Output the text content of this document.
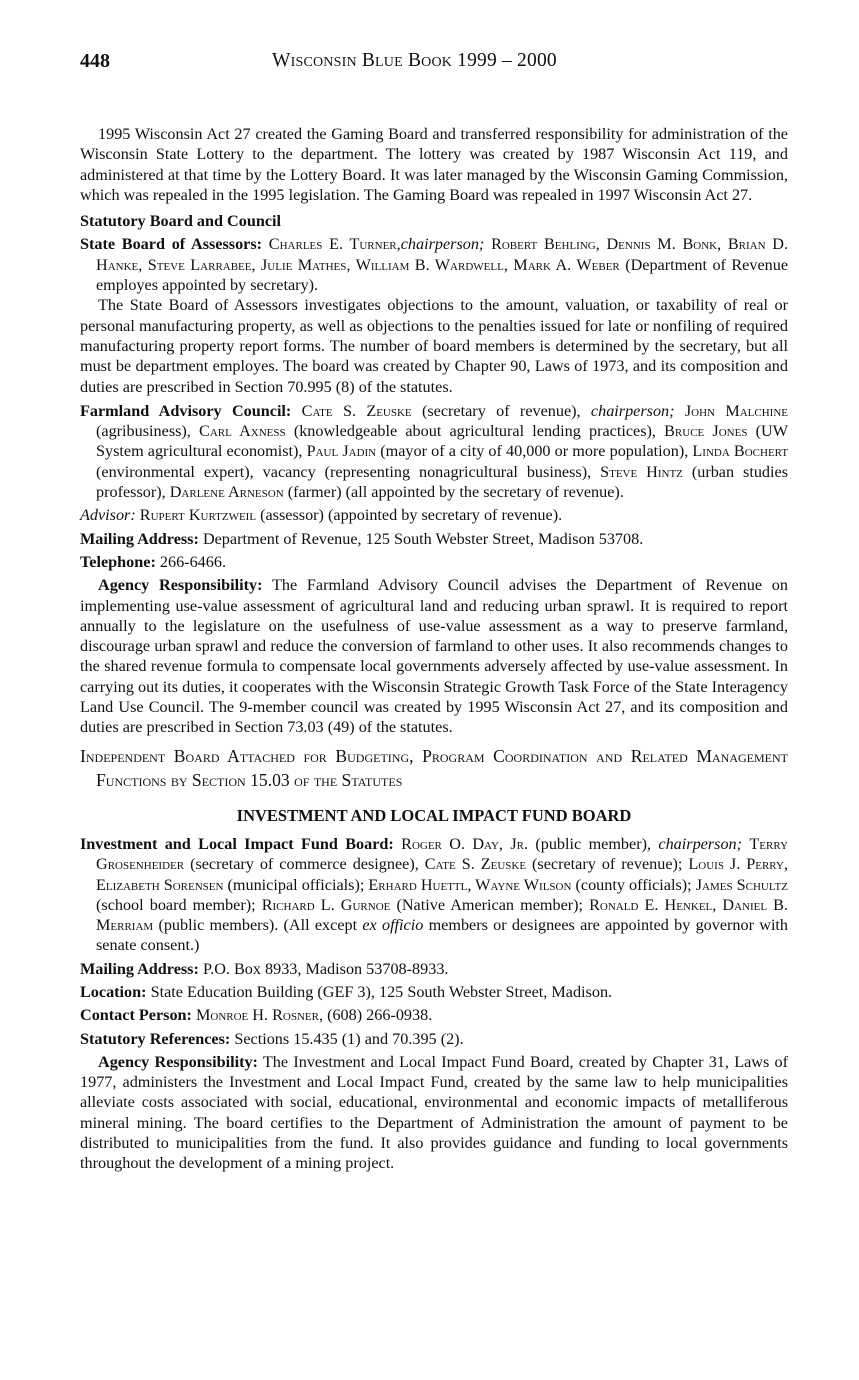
448	Wisconsin Blue Book 1999 – 2000

1995 Wisconsin Act 27 created the Gaming Board and transferred responsibility for administration of the Wisconsin State Lottery to the department. The lottery was created by 1987 Wisconsin Act 119, and administered at that time by the Lottery Board. It was later managed by the Wisconsin Gaming Commission, which was repealed in the 1995 legislation. The Gaming Board was repealed in 1997 Wisconsin Act 27.

Statutory Board and Council

State Board of Assessors: Charles E. Turner,chairperson; Robert Behling, Dennis M. Bonk, Brian D. Hanke, Steve Larrabee, Julie Mathes, William B. Wardwell, Mark A. Weber (Department of Revenue employes appointed by secretary).

The State Board of Assessors investigates objections to the amount, valuation, or taxability of real or personal manufacturing property, as well as objections to the penalties issued for late or nonfiling of required manufacturing property report forms. The number of board members is determined by the secretary, but all must be department employes. The board was created by Chapter 90, Laws of 1973, and its composition and duties are prescribed in Section 70.995 (8) of the statutes.

Farmland Advisory Council: Cate S. Zeuske (secretary of revenue), chairperson; John Malchine (agribusiness), Carl Axness (knowledgeable about agricultural lending practices), Bruce Jones (UW System agricultural economist), Paul Jadin (mayor of a city of 40,000 or more population), Linda Bochert (environmental expert), vacancy (representing nonagricultural business), Steve Hintz (urban studies professor), Darlene Arneson (farmer) (all appointed by the secretary of revenue).

Advisor: Rupert Kurtzweil (assessor) (appointed by secretary of revenue).

Mailing Address: Department of Revenue, 125 South Webster Street, Madison 53708.

Telephone: 266-6466.

Agency Responsibility: The Farmland Advisory Council advises the Department of Revenue on implementing use-value assessment of agricultural land and reducing urban sprawl. It is required to report annually to the legislature on the usefulness of use-value assessment as a way to preserve farmland, discourage urban sprawl and reduce the conversion of farmland to other uses. It also recommends changes to the shared revenue formula to compensate local governments adversely affected by use-value assessment. In carrying out its duties, it cooperates with the Wisconsin Strategic Growth Task Force of the State Interagency Land Use Council. The 9-member council was created by 1995 Wisconsin Act 27, and its composition and duties are prescribed in Section 73.03 (49) of the statutes.

Independent Board Attached for Budgeting, Program Coordination and Related Management Functions by Section 15.03 of the Statutes

INVESTMENT AND LOCAL IMPACT FUND BOARD

Investment and Local Impact Fund Board: Roger O. Day, Jr. (public member), chairperson; Terry Grosenheider (secretary of commerce designee), Cate S. Zeuske (secretary of revenue); Louis J. Perry, Elizabeth Sorensen (municipal officials); Erhard Huettl, Wayne Wilson (county officials); James Schultz (school board member); Richard L. Gurnoe (Native American member); Ronald E. Henkel, Daniel B. Merriam (public members). (All except ex officio members or designees are appointed by governor with senate consent.)

Mailing Address: P.O. Box 8933, Madison 53708-8933.

Location: State Education Building (GEF 3), 125 South Webster Street, Madison.

Contact Person: Monroe H. Rosner, (608) 266-0938.

Statutory References: Sections 15.435 (1) and 70.395 (2).

Agency Responsibility: The Investment and Local Impact Fund Board, created by Chapter 31, Laws of 1977, administers the Investment and Local Impact Fund, created by the same law to help municipalities alleviate costs associated with social, educational, environmental and economic impacts of metalliferous mineral mining. The board certifies to the Department of Administration the amount of payment to be distributed to municipalities from the fund. It also provides guidance and funding to local governments throughout the development of a mining project.
